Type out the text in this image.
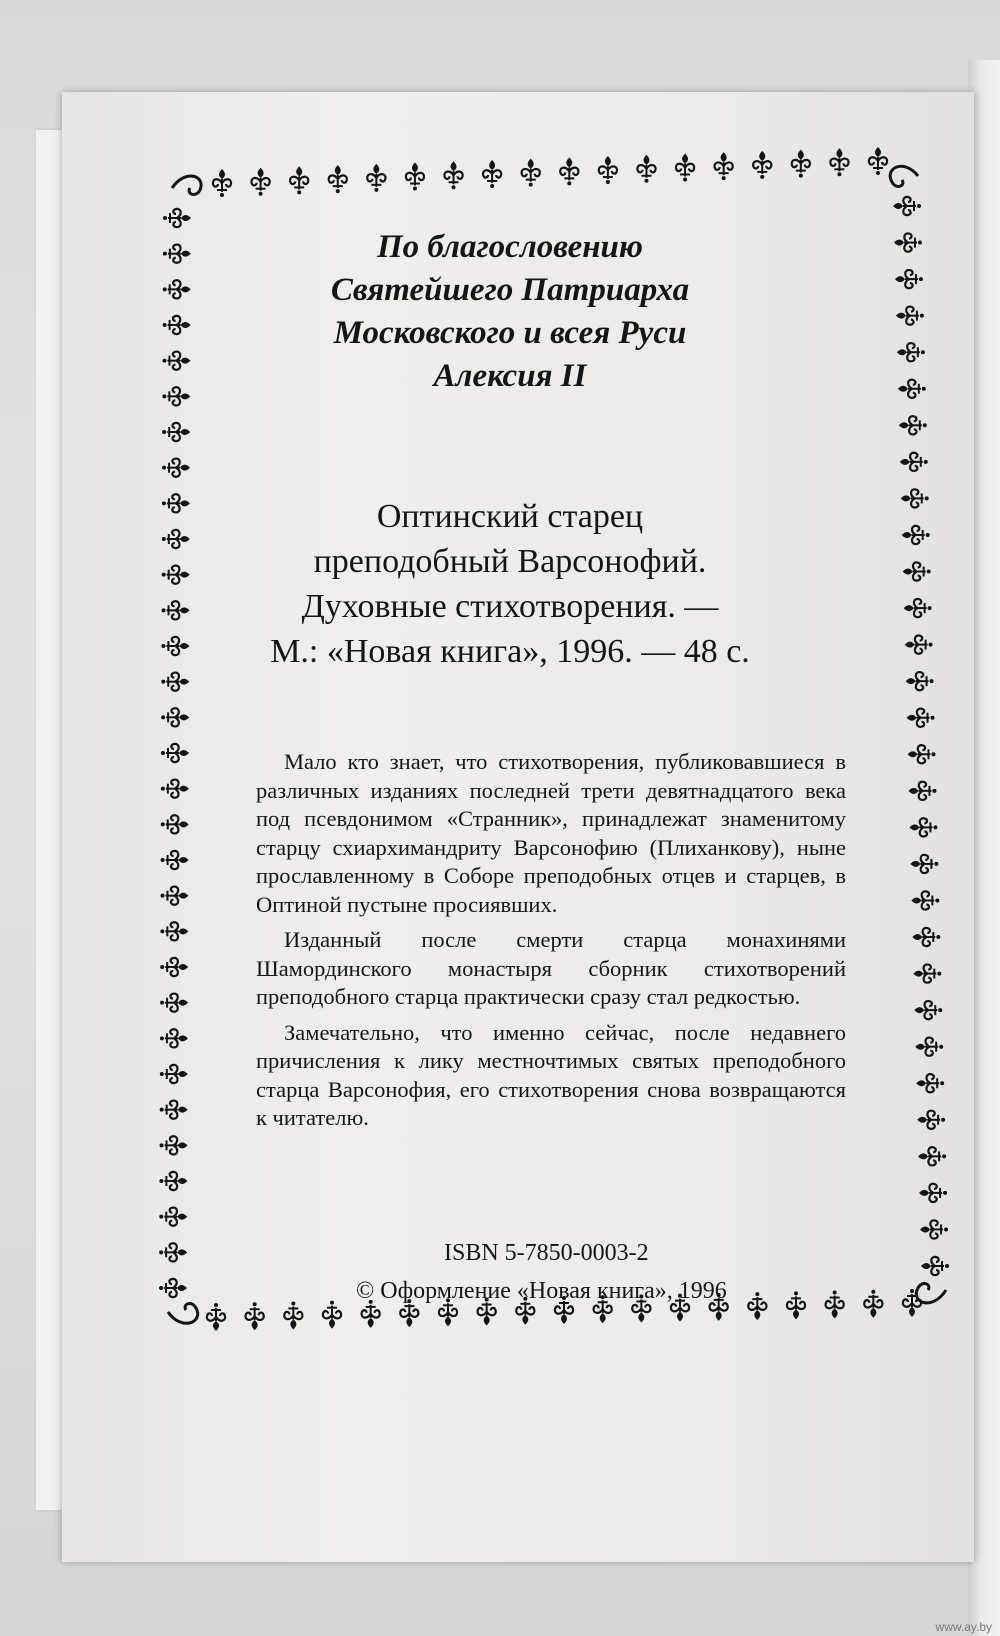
По благословению
Святейшего Патриарха
Московского и всея Руси
Алексия II
Оптинский старец
преподобный Варсонофий.
Духовные стихотворения. —
М.: «Новая книга», 1996. — 48 с.

Мало кто знает, что стихотворения, публиковавшиеся в различных изданиях последней трети девятнадцатого века под псевдонимом «Странник», принадлежат знаменитому старцу схиархимандриту Варсонофию (Плиханкову), ныне прославленному в Соборе преподобных отцев и старцев, в Оптиной пустыне просиявших.

Изданный после смерти старца монахинями Шамординского монастыря сборник стихотворений преподобного старца практически сразу стал редкостью.

Замечательно, что именно сейчас, после недавнего причисления к лику местночтимых святых преподобного старца Варсонофия, его стихотворения снова возвращаются к читателю.

ISBN 5-7850-0003-2
© Оформление «Новая книга», 1996
www.ay.by
